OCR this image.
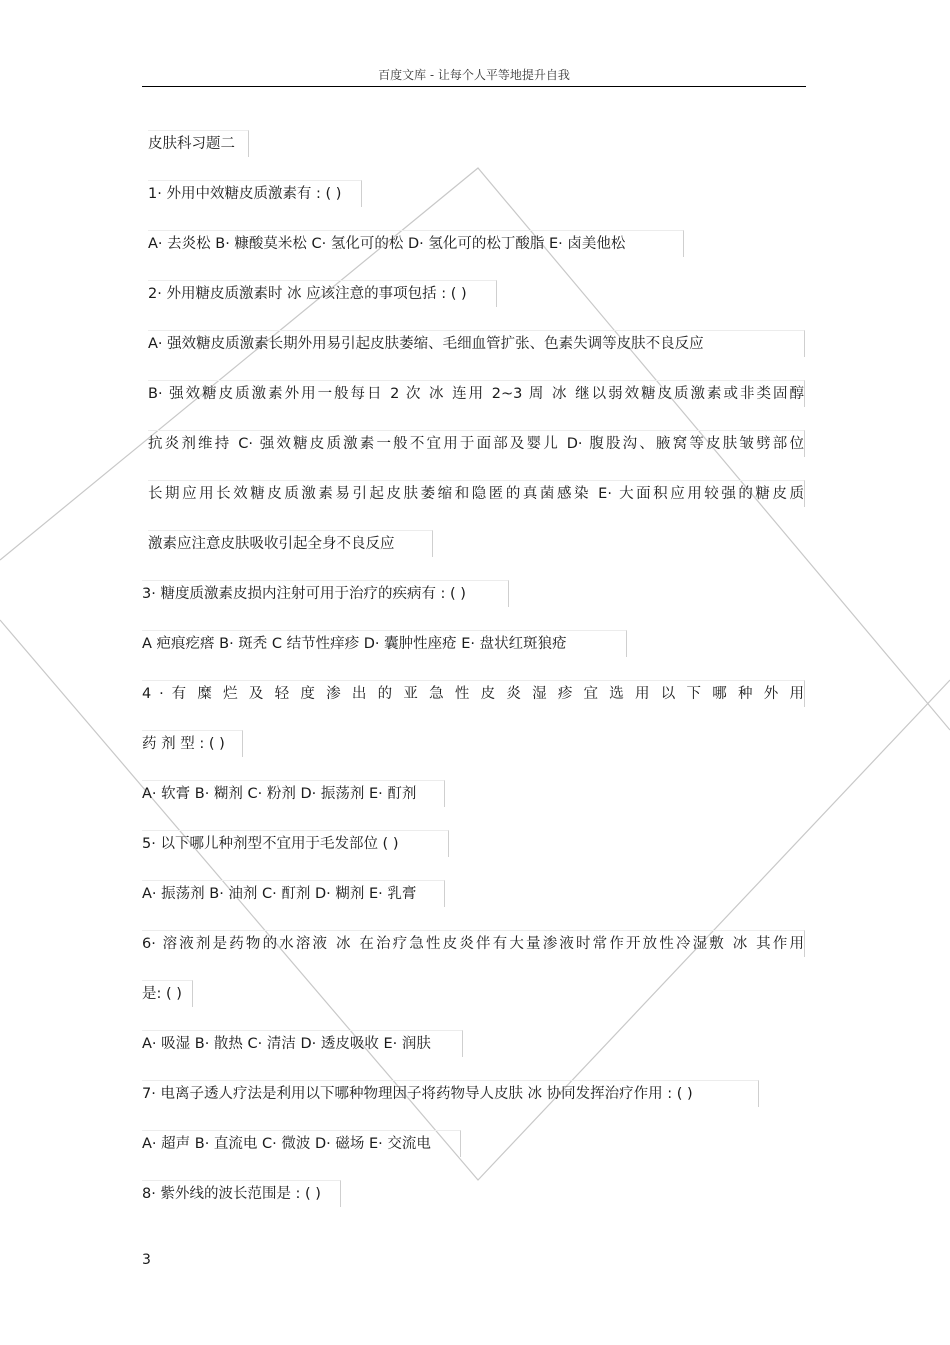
百度文库 - 让每个人平等地提升自我
皮肤科习题二
1· 外用中效糖皮质激素有 : ( )
A· 去炎松 B· 糠酸莫米松 C· 氢化可的松 D· 氢化可的松丁酸脂 E· 卤美他松
2· 外用糖皮质激素时 冰 应该注意的事项包括 : ( )
A· 强效糖皮质激素长期外用易引起皮肤萎缩、毛细血管扩张、色素失调等皮肤不良反应
B· 强效糖皮质激素外用一般每日 2 次 冰 连用 2~3 周 冰 继以弱效糖皮质激素或非类固醇
抗炎剂维持 C· 强效糖皮质激素一般不宜用于面部及婴儿 D· 腹股沟、腋窝等皮肤皱劈部位
长期应用长效糖皮质激素易引起皮肤萎缩和隐匿的真菌感染 E· 大面积应用较强的糖皮质
激素应注意皮肤吸收引起全身不良反应
3· 糖度质激素皮损内注射可用于治疗的疾病有 : ( )
A 疤痕疙瘩 B· 斑秃 C 结节性痒疹 D· 囊肿性座疮 E· 盘状红斑狼疮
4 · 有 糜 烂 及 轻 度 渗 出 的 亚 急 性 皮 炎 湿 疹 宜 选 用 以 下 哪 种 外 用
药 剂 型 : ( )
A· 软膏 B· 糊剂 C· 粉剂 D· 振荡剂 E· 酊剂
5· 以下哪儿种剂型不宜用于毛发部位 ( )
A· 振荡剂 B· 油剂 C· 酊剂 D· 糊剂 E· 乳膏
6· 溶液剂是药物的水溶液 冰 在治疗急性皮炎伴有大量渗液时常作开放性冷湿敷 冰 其作用
是: ( )
A· 吸湿 B· 散热 C· 清洁 D· 透皮吸收 E· 润肤
7· 电离子透人疗法是利用以下哪种物理因子将药物导人皮肤 冰 协同发挥治疗作用 : ( )
A· 超声 B· 直流电 C· 微波 D· 磁场 E· 交流电
8· 紫外线的波长范围是 : ( )
3
